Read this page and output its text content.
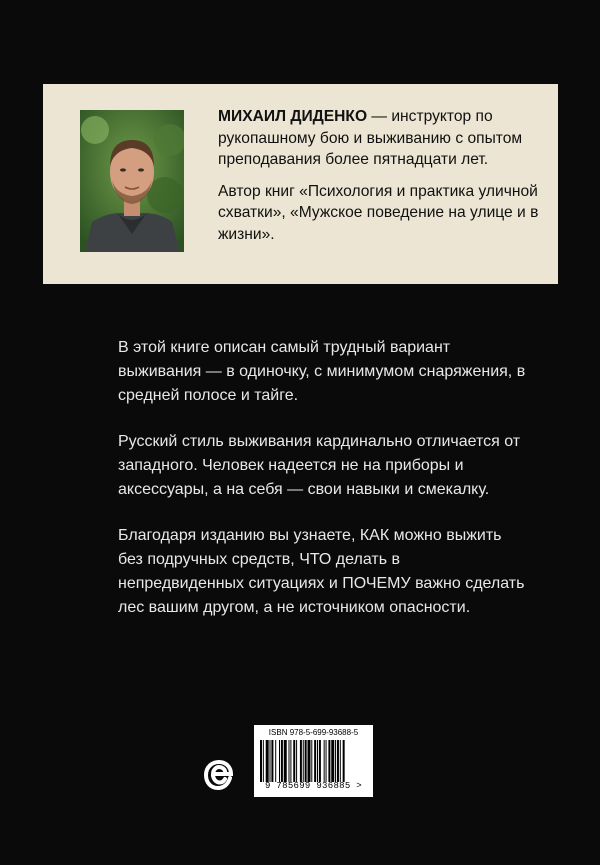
МИХАИЛ ДИДЕНКО — инструктор по рукопашному бою и выживанию с опытом преподавания более пятнадцати лет.

Автор книг «Психология и практика уличной схватки», «Мужское поведение на улице и в жизни».

В этой книге описан самый трудный вариант выживания — в одиночку, с минимумом снаряжения, в средней полосе и тайге.

Русский стиль выживания кардинально отличается от западного. Человек надеется не на приборы и аксессуары, а на себя — свои навыки и смекалку.

Благодаря изданию вы узнаете, КАК можно выжить без подручных средств, ЧТО делать в непредвиденных ситуациях и ПОЧЕМУ важно сделать лес вашим другом, а не источником опасности.

ISBN 978-5-699-93688-5
9 785699 936885 >
